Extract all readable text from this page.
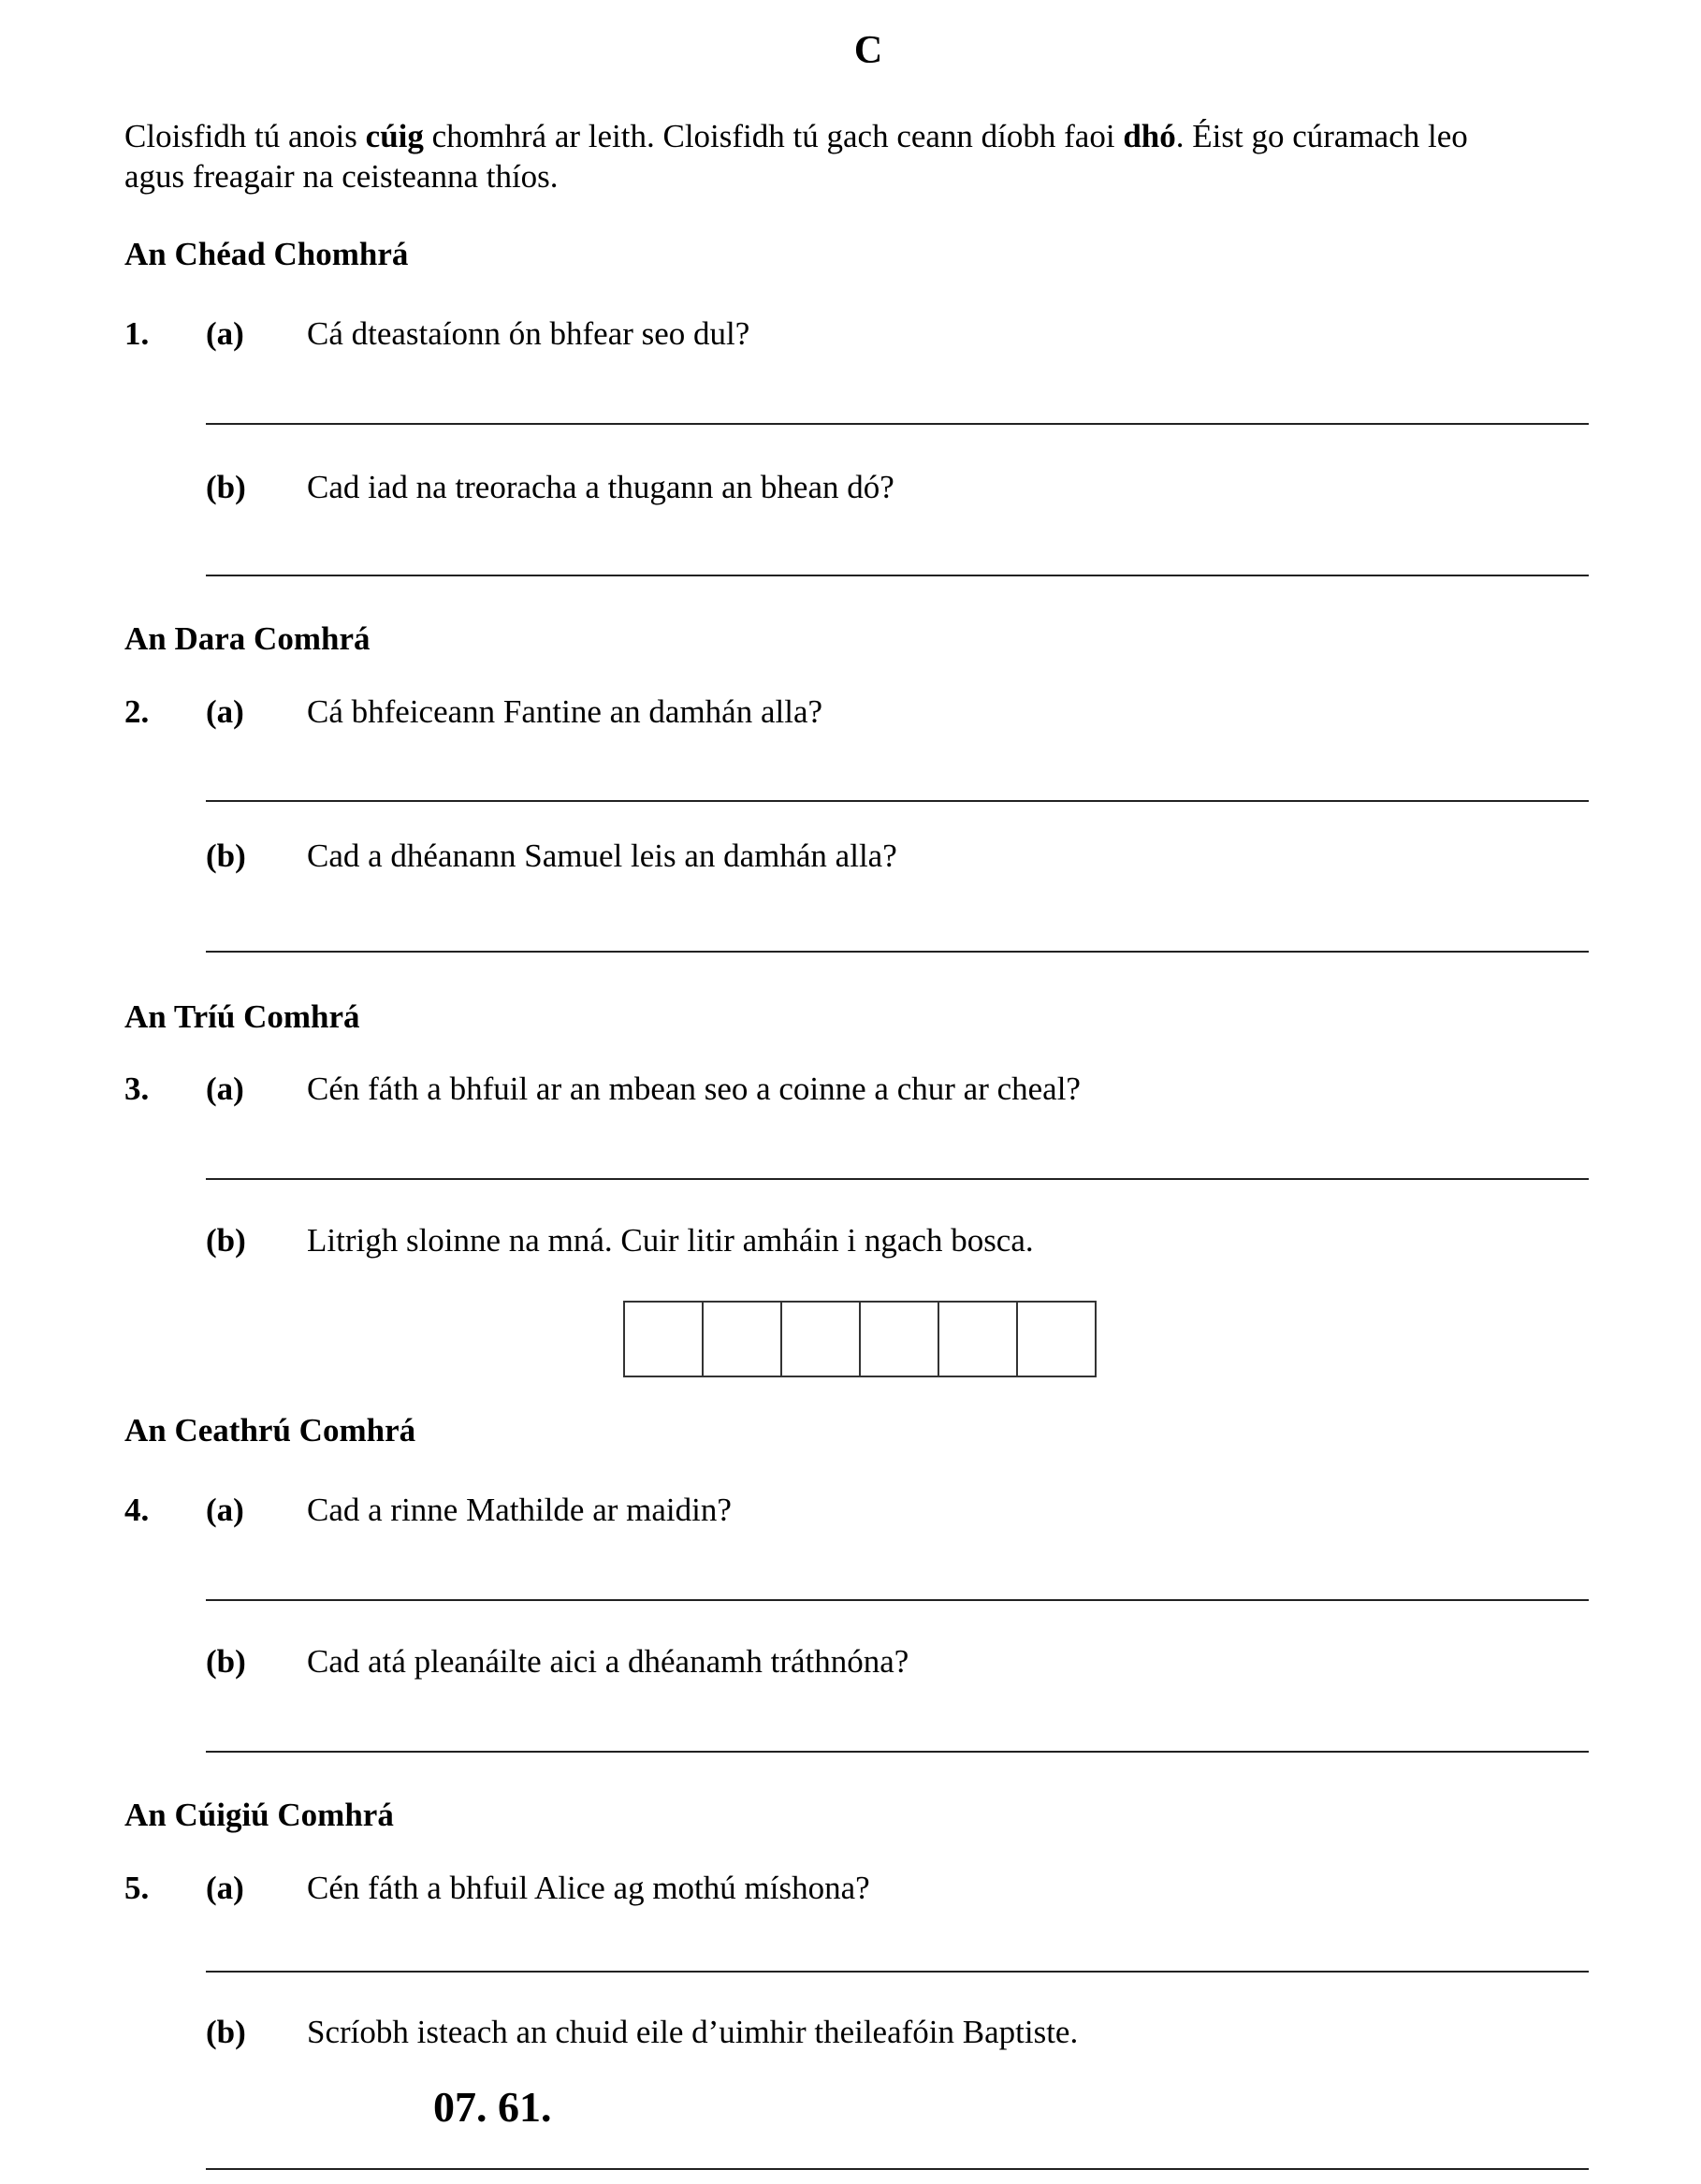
C
Cloisfidh tú anois cúig chomhrá ar leith. Cloisfidh tú gach ceann díobh faoi dhó. Éist go cúramach leo
agus freagair na ceisteanna thíos.
An Chéad Chomhrá
1. (a) Cá dteastaíonn ón bhfear seo dul?
(b) Cad iad na treoracha a thugann an bhean dó?
An Dara Comhrá
2. (a) Cá bhfeiceann Fantine an damhán alla?
(b) Cad a dhéanann Samuel leis an damhán alla?
An Tríú Comhrá
3. (a) Cén fáth a bhfuil ar an mbean seo a coinne a chur ar cheal?
(b) Litrigh sloinne na mná. Cuir litir amháin i ngach bosca.
An Ceathrú Comhrá
4. (a) Cad a rinne Mathilde ar maidin?
(b) Cad atá pleanáilte aici a dhéanamh tráthnóna?
An Cúigiú Comhrá
5. (a) Cén fáth a bhfuil Alice ag mothú míshona?
(b) Scríobh isteach an chuid eile d’uimhir theileafóin Baptiste.
07. 61.
